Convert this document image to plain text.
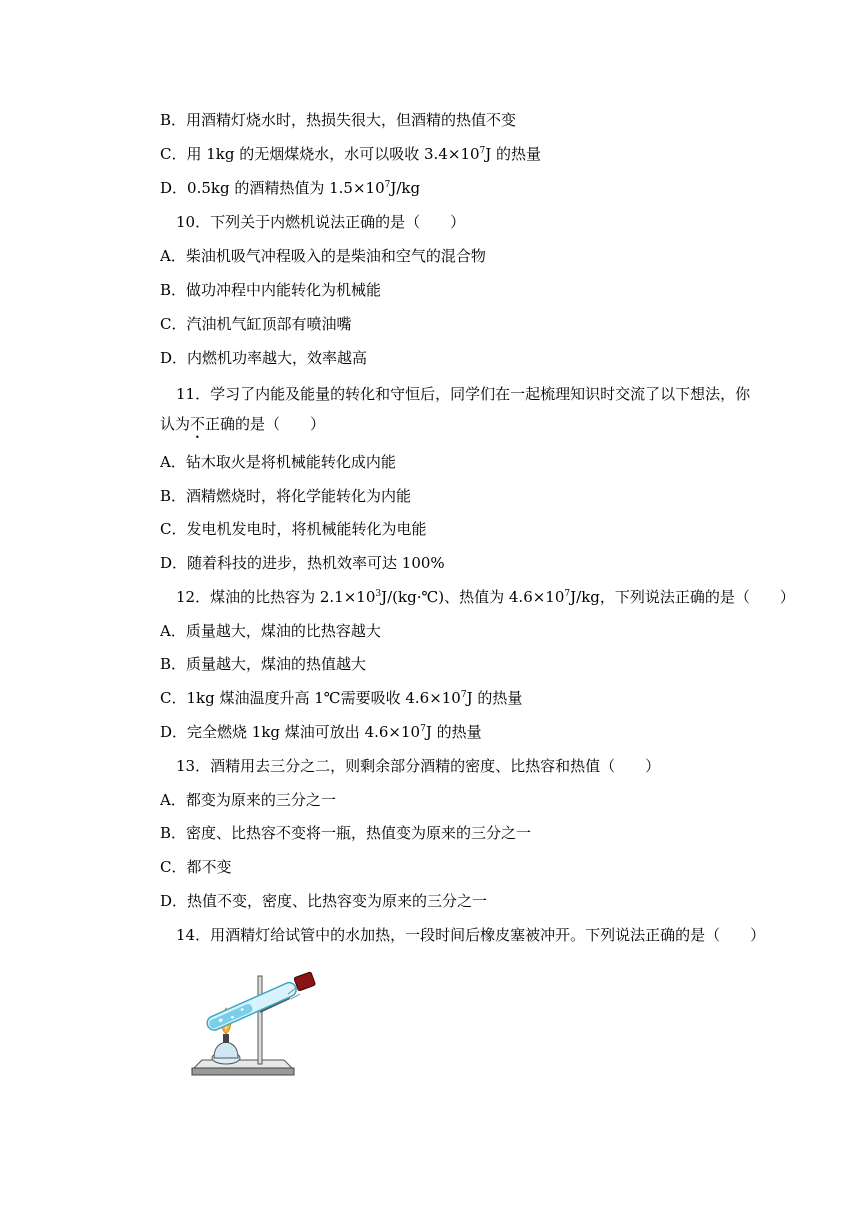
B．用酒精灯烧水时，热损失很大，但酒精的热值不变
C．用 1kg 的无烟煤烧水，水可以吸收 $3.4\times 10^7J$ 的热量
D．0.5kg 的酒精热值为 $1.5\times 10^7J/kg$
10．下列关于内燃机说法正确的是（　　）
A．柴油机吸气冲程吸入的是柴油和空气的混合物
B．做功冲程中内能转化为机械能
C．汽油机气缸顶部有喷油嘴
D．内燃机功率越大，效率越高
11．学习了内能及能量的转化和守恒后，同学们在一起梳理知识时交流了以下想法，你
认为不正确的是（　　）
A．钻木取火是将机械能转化成内能
B．酒精燃烧时，将化学能转化为内能
C．发电机发电时，将机械能转化为电能
D．随着科技的进步，热机效率可达 100%
12．煤油的比热容为 $2.1\times 10^3J/(kg\cdot℃)$、热值为 $4.6\times 10^7J/kg$，下列说法正确的是（　　）
A．质量越大，煤油的比热容越大
B．质量越大，煤油的热值越大
C．1kg 煤油温度升高 1℃需要吸收 $4.6\times 10^7J$ 的热量
D．完全燃烧 1kg 煤油可放出 $4.6\times 10^7J$ 的热量
13．酒精用去三分之二，则剩余部分酒精的密度、比热容和热值（　　）
A．都变为原来的三分之一
B．密度、比热容不变将一瓶，热值变为原来的三分之一
C．都不变
D．热值不变，密度、比热容变为原来的三分之一
14．用酒精灯给试管中的水加热，一段时间后橡皮塞被冲开。下列说法正确的是（　　）
